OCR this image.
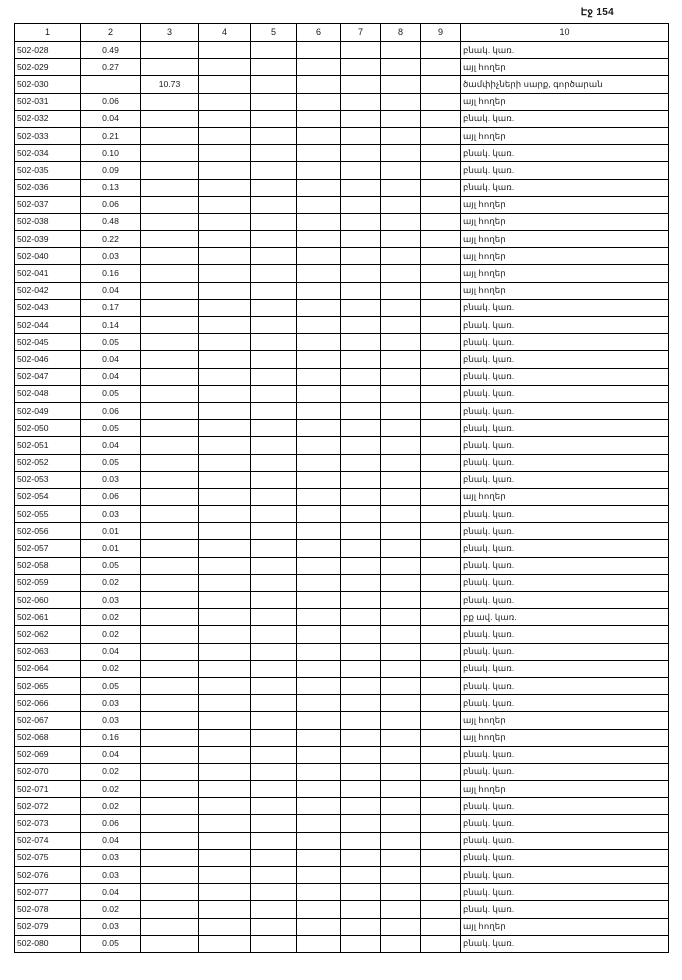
Էջ 154
1	2	3	4	5	6	7	8	9	10
502-028	0.49								բնակ. կառ.
502-029	0.27								այլ հողեր
502-030		10.73							ծամփիչների սարք, գործարան
502-031	0.06								այլ հողեր
502-032	0.04								բնակ. կառ.
502-033	0.21								այլ հողեր
502-034	0.10								բնակ. կառ.
502-035	0.09								բնակ. կառ.
502-036	0.13								բնակ. կառ.
502-037	0.06								այլ հողեր
502-038	0.48								այլ հողեր
502-039	0.22								այլ հողեր
502-040	0.03								այլ հողեր
502-041	0.16								այլ հողեր
502-042	0.04								այլ հողեր
502-043	0.17								բնակ. կառ.
502-044	0.14								բնակ. կառ.
502-045	0.05								բնակ. կառ.
502-046	0.04								բնակ. կառ.
502-047	0.04								բնակ. կառ.
502-048	0.05								բնակ. կառ.
502-049	0.06								բնակ. կառ.
502-050	0.05								բնակ. կառ.
502-051	0.04								բնակ. կառ.
502-052	0.05								բնակ. կառ.
502-053	0.03								բնակ. կառ.
502-054	0.06								այլ հողեր
502-055	0.03								բնակ. կառ.
502-056	0.01								բնակ. կառ.
502-057	0.01								բնակ. կառ.
502-058	0.05								բնակ. կառ.
502-059	0.02								բնակ. կառ.
502-060	0.03								բնակ. կառ.
502-061	0.02								բք ավ. կառ.
502-062	0.02								բնակ. կառ.
502-063	0.04								բնակ. կառ.
502-064	0.02								բնակ. կառ.
502-065	0.05								բնակ. կառ.
502-066	0.03								բնակ. կառ.
502-067	0.03								այլ հողեր
502-068	0.16								այլ հողեր
502-069	0.04								բնակ. կառ.
502-070	0.02								բնակ. կառ.
502-071	0.02								այլ հողեր
502-072	0.02								բնակ. կառ.
502-073	0.06								բնակ. կառ.
502-074	0.04								բնակ. կառ.
502-075	0.03								բնակ. կառ.
502-076	0.03								բնակ. կառ.
502-077	0.04								բնակ. կառ.
502-078	0.02								բնակ. կառ.
502-079	0.03								այլ հողեր
502-080	0.05								բնակ. կառ.
